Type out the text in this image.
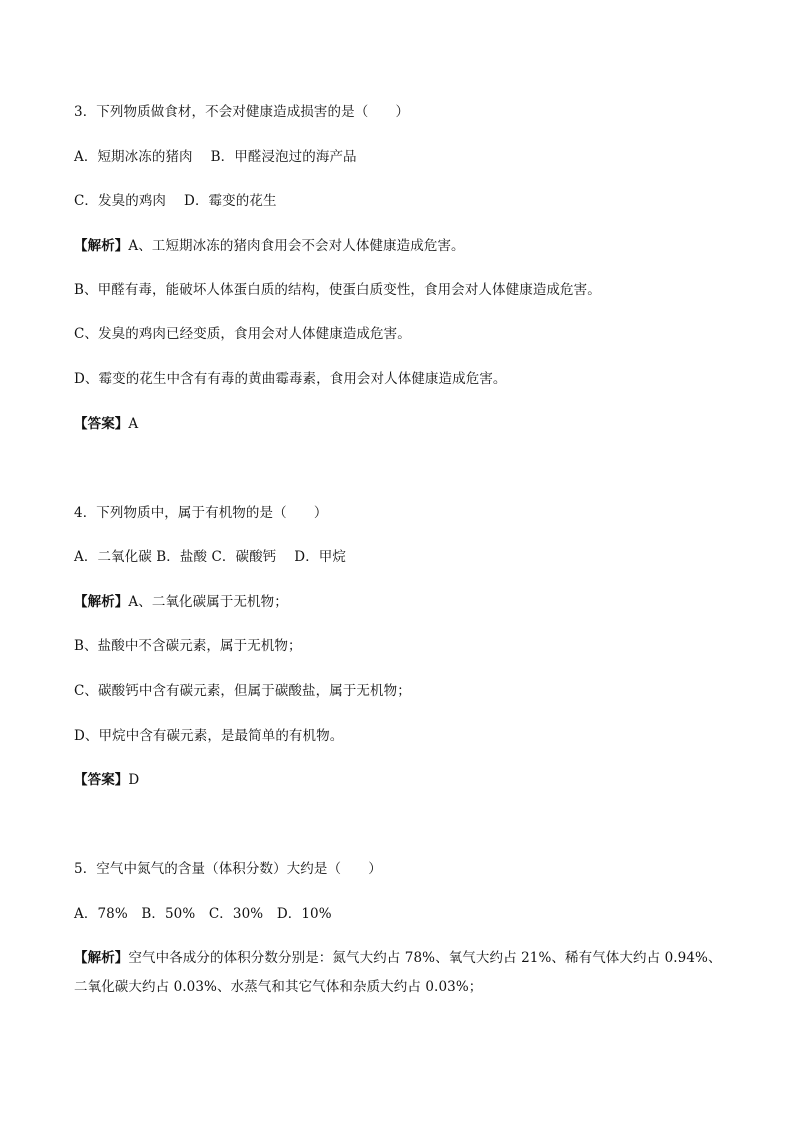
3．下列物质做食材，不会对健康造成损害的是（　　）

A．短期冰冻的猪肉　 B．甲醛浸泡过的海产品

C．发臭的鸡肉　 D．霉变的花生

【解析】A、工短期冰冻的猪肉食用会不会对人体健康造成危害。

B、甲醛有毒，能破坏人体蛋白质的结构，使蛋白质变性，食用会对人体健康造成危害。

C、发臭的鸡肉已经变质，食用会对人体健康造成危害。

D、霉变的花生中含有有毒的黄曲霉毒素，食用会对人体健康造成危害。

【答案】A

4．下列物质中，属于有机物的是（　　）

A．二氧化碳 B．盐酸 C．碳酸钙　 D．甲烷

【解析】A、二氧化碳属于无机物；

B、盐酸中不含碳元素，属于无机物；

C、碳酸钙中含有碳元素，但属于碳酸盐，属于无机物；

D、甲烷中含有碳元素，是最简单的有机物。

【答案】D

5．空气中氮气的含量（体积分数）大约是（　　）

A．78%　B．50%　C．30%　D．10%

【解析】空气中各成分的体积分数分别是：氮气大约占 78%、氧气大约占 21%、稀有气体大约占 0.94%、二氧化碳大约占 0.03%、水蒸气和其它气体和杂质大约占 0.03%；
